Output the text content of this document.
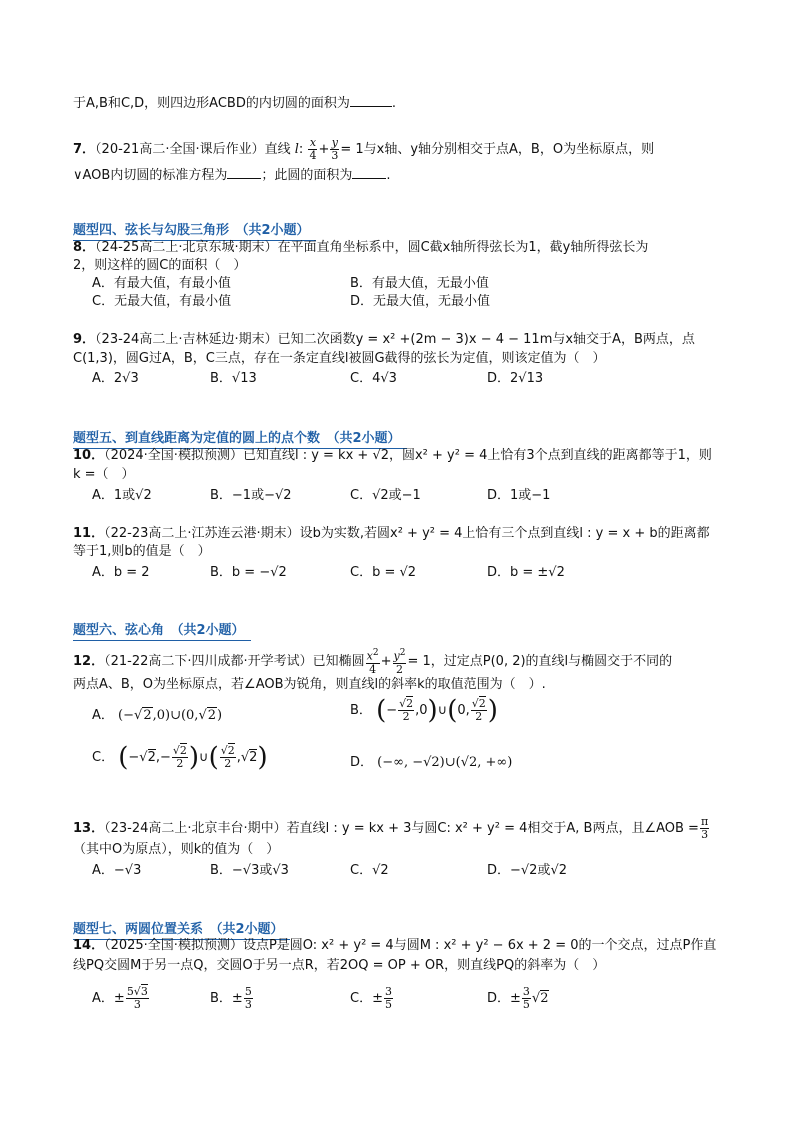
于A,B和C,D，则四边形ACBD的内切圆的面积为	.
7．（20-21高二·全国·课后作业）直线 l: $\frac{x}{4} + \frac{y}{3} = 1$与x轴、y轴分别相交于点A，B，O为坐标原点，则
∨AOB内切圆的标准方程为	；此圆的面积为	.
题型四、弦长与勾股三角形　（共2小题）
8．（24-25高二上·北京东城·期末）在平面直角坐标系中，圆C截x轴所得弦长为1，截y轴所得弦长为
2，则这样的圆C的面积（　）
A．有最大值，有最小值	B．有最大值，无最小值
C．无最大值，有最小值	D．无最大值，无最小值
9．（23-24高二上·吉林延边·期末）已知二次函数y = x² +(2m − 3)x − 4 − 11m与x轴交于A，B两点，点
C(1,3)，圆G过A，B，C三点，存在一条定直线l被圆G截得的弦长为定值，则该定值为（　）
A．2√3	B．√13	C．4√3	D．2√13
题型五、到直线距离为定值的圆上的点个数　（共2小题）
10．（2024·全国·模拟预测）已知直线l : y = kx + √2，圆x² + y² = 4上恰有3个点到直线的距离都等于1，则
k =（　）
A．1或√2	B．−1或−√2	C．√2或−1	D．1或−1
11．（22-23高二上·江苏连云港·期末）设b为实数,若圆x² + y² = 4上恰有三个点到直线l : y = x + b的距离都
等于1,则b的值是（　）
A．b = 2	B．b = −√2	C．b = √2	D．b = ±√2
题型六、弦心角　（共2小题）
12．（21-22高二下·四川成都·开学考试）已知椭圆 $\frac{x^2}{4} + \frac{y^2}{2} = 1$，过定点P(0, 2)的直线l与椭圆交于不同的
两点A、B，O为坐标原点，若∠AOB为锐角，则直线l的斜率k的取值范围为（　）.
A． (−√2,0)∪(0,√2)	B． (− $\frac{√2}{2}$ ,0)∪(0, $\frac{√2}{2}$ )
C． ($-√2,- \frac{√2}{2}$ )∪( $\frac{√2}{2} ,√2$)	D． (−∞, −√2)∪(√2, +∞)
13．（23-24高二上·北京丰台·期中）若直线l : y = kx + 3与圆C: x² + y² = 4相交于A, B两点，且∠AOB = $\frac{\pi}{3}$
（其中O为原点），则k的值为（　）
A．−√3	B．−√3或√3	C．√2	D．−√2或√2
题型七、两圆位置关系　（共2小题）
14．（2025·全国·模拟预测）设点P是圆O: x² + y² = 4与圆M : x² + y² − 6x + 2 = 0的一个交点，过点P作直
线PQ交圆M于另一点Q，交圆O于另一点R，若2OQ = OP + OR，则直线PQ的斜率为（　）
A．± $\frac{5√3}{3}$	B．± $\frac{5}{3}$	C．± $\frac{3}{5}$	D．± $\frac{3}{5} √2$
